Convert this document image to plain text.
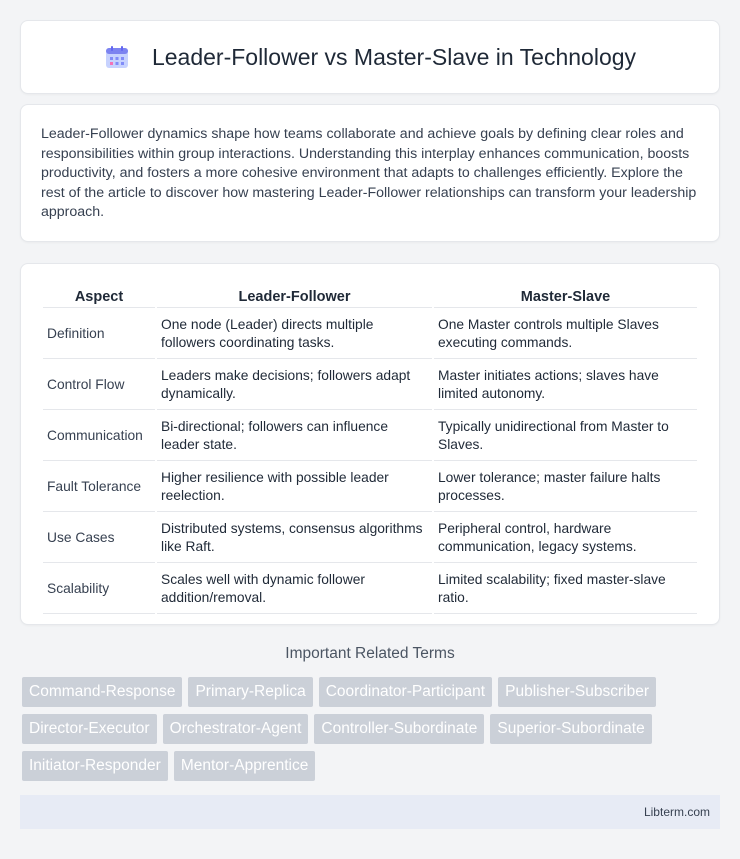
Leader-Follower vs Master-Slave in Technology

Leader-Follower dynamics shape how teams collaborate and achieve goals by defining clear roles and responsibilities within group interactions. Understanding this interplay enhances communication, boosts productivity, and fosters a more cohesive environment that adapts to challenges efficiently. Explore the rest of the article to discover how mastering Leader-Follower relationships can transform your leadership approach.

Aspect	Leader-Follower	Master-Slave
Definition	One node (Leader) directs multiple followers coordinating tasks.	One Master controls multiple Slaves executing commands.
Control Flow	Leaders make decisions; followers adapt dynamically.	Master initiates actions; slaves have limited autonomy.
Communication	Bi-directional; followers can influence leader state.	Typically unidirectional from Master to Slaves.
Fault Tolerance	Higher resilience with possible leader reelection.	Lower tolerance; master failure halts processes.
Use Cases	Distributed systems, consensus algorithms like Raft.	Peripheral control, hardware communication, legacy systems.
Scalability	Scales well with dynamic follower addition/removal.	Limited scalability; fixed master-slave ratio.
Important Related Terms
Command-Response	Primary-Replica	Coordinator-Participant	Publisher-Subscriber
Director-Executor	Orchestrator-Agent	Controller-Subordinate	Superior-Subordinate
Initiator-Responder	Mentor-Apprentice
Libterm.com
